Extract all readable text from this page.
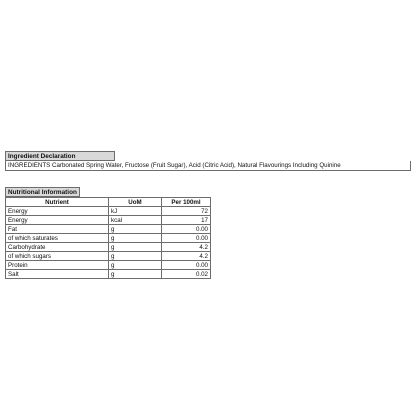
Ingredient Declaration
INGREDIENTS Carbonated Spring Water, Fructose (Fruit Sugar), Acid (Citric Acid), Natural Flavourings Including Quinine
Nutritional Information
Nutrient	UoM	Per 100ml
Energy	kJ	72
Energy	kcal	17
Fat	g	0.00
of which saturates	g	0.00
Carbohydrate	g	4.2
of which sugars	g	4.2
Protein	g	0.00
Salt	g	0.02
